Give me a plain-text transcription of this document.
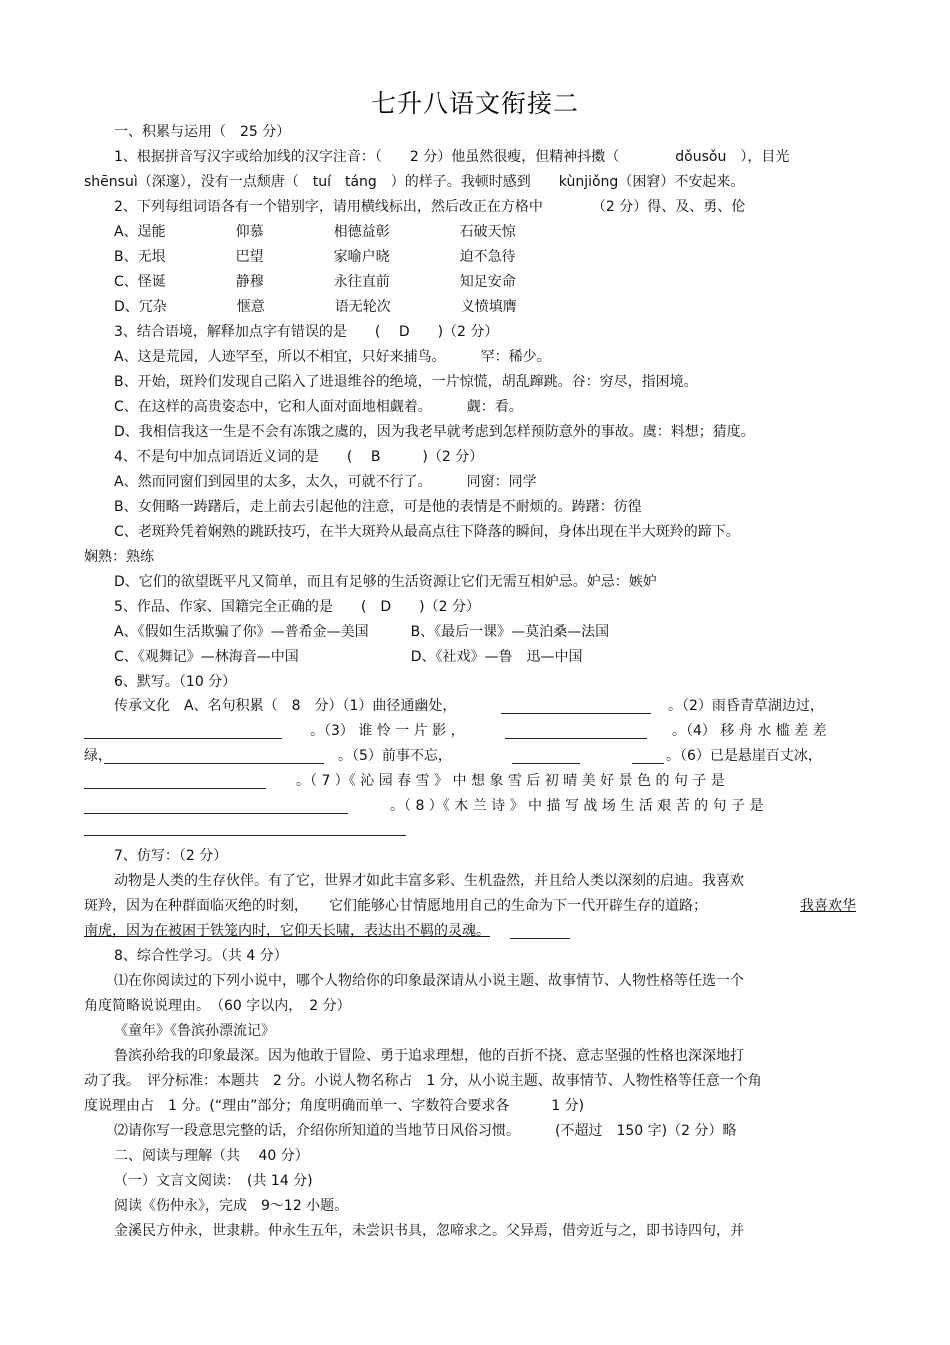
七升八语文衔接二
一、积累与运用（　25 分）
1、根据拼音写汉字或给加线的汉字注音：（　　2 分）他虽然很瘦，但精神抖擞（　　　　dǒusǒu　），目光
shēnsuì（深邃），没有一点颓唐（　tuí　táng　）的样子。我顿时感到　　kùnjiǒng（困窘）不安起来。
2、下列每组词语各有一个错别字，请用横线标出，然后改正在方格中　　　　（2 分）得、及、勇、伦
A、逞能　　　　　仰慕　　　　　相德益彰　　　　　石破天惊
B、无垠　　　　　巴望　　　　　家喻户晓　　　　　迫不急待
C、怪诞　　　　　静穆　　　　　永往直前　　　　　知足安命
D、冗杂　　　　　惬意　　　　　语无轮次　　　　　义愤填膺
3、结合语境，解释加点字有错误的是　　(　 D　　)（2 分）
A、这是荒园，人迹罕至，所以不相宜，只好来捕鸟。　　　罕：稀少。
B、开始，斑羚们发现自己陷入了进退维谷的绝境，一片惊慌，胡乱蹿跳。谷：穷尽，指困境。
C、在这样的高贵姿态中，它和人面对面地相觑着。　　　觑：看。
D、我相信我这一生是不会有冻饿之虞的，因为我老早就考虑到怎样预防意外的事故。虞：料想；猜度。
4、不是句中加点词语近义词的是　　(　 B　　　)（2 分）
A、然而同窗们到园里的太多，太久，可就不行了。　　　同窗：同学
B、女佣略一踌躇后，走上前去引起他的注意，可是他的表情是不耐烦的。踌躇：彷徨
C、老斑羚凭着娴熟的跳跃技巧，在半大斑羚从最高点往下降落的瞬间，身体出现在半大斑羚的蹄下。
娴熟：熟练
D、它们的欲望既平凡又简单，而且有足够的生活资源让它们无需互相妒忌。妒忌：嫉妒
5、作品、作家、国籍完全正确的是　　(　D　　)（2 分）
A、《假如生活欺骗了你》—普希金—美国　　　B、《最后一课》—莫泊桑—法国
C、《观舞记》—林海音—中国　　　　　　　　D、《社戏》—鲁　迅—中国
6、默写。（10 分）
传承文化　A、名句积累（　8　分）（1）曲径通幽处，	。（2）雨昏青草湖边过，
。（3） 谁 怜 一 片 影 ，	。（4） 移 舟 水 槛 差 差
绿，	。（5）前事不忘，	。（6）已是悬崖百丈冰，
。（ 7 ）《 沁 园 春 雪 》 中 想 象 雪 后 初 晴 美 好 景 色 的 句 子 是
。（ 8 ）《 木 兰 诗 》 中 描 写 战 场 生 活 艰 苦 的 句 子 是
7、仿写：（2 分）
动物是人类的生存伙伴。有了它，世界才如此丰富多彩、生机盎然，并且给人类以深刻的启迪。我喜欢
斑羚，因为在种群面临灭绝的时刻，　　它们能够心甘情愿地用自己的生命为下一代开辟生存的道路；	我喜欢华
南虎，因为在被困于铁笼内时，它仰天长啸，表达出不羁的灵魂。
8、综合性学习。（共 4 分）
⑴在你阅读过的下列小说中，哪个人物给你的印象最深请从小说主题、故事情节、人物性格等任选一个
角度简略说说理由。　（60 字以内，　2 分）
《童年》《鲁滨孙漂流记》
鲁滨孙给我的印象最深。因为他敢于冒险、勇于追求理想，他的百折不挠、意志坚强的性格也深深地打
动了我。　评分标准：本题共　2 分。小说人物名称占　1 分，从小说主题、故事情节、人物性格等任意一个角
度说理由占　1 分。(“理由”部分；角度明确而单一、字数符合要求各　　　1 分)
⑵请你写一段意思完整的话，介绍你所知道的当地节日风俗习惯。　　　(不超过　150 字)（2 分）略
二、阅读与理解（共　 40 分）
（一）文言文阅读：　(共 14 分)
阅读《伤仲永》，完成　9～12 小题。
金溪民方仲永，世隶耕。仲永生五年，未尝识书具，忽啼求之。父异焉，借旁近与之，即书诗四句，并
